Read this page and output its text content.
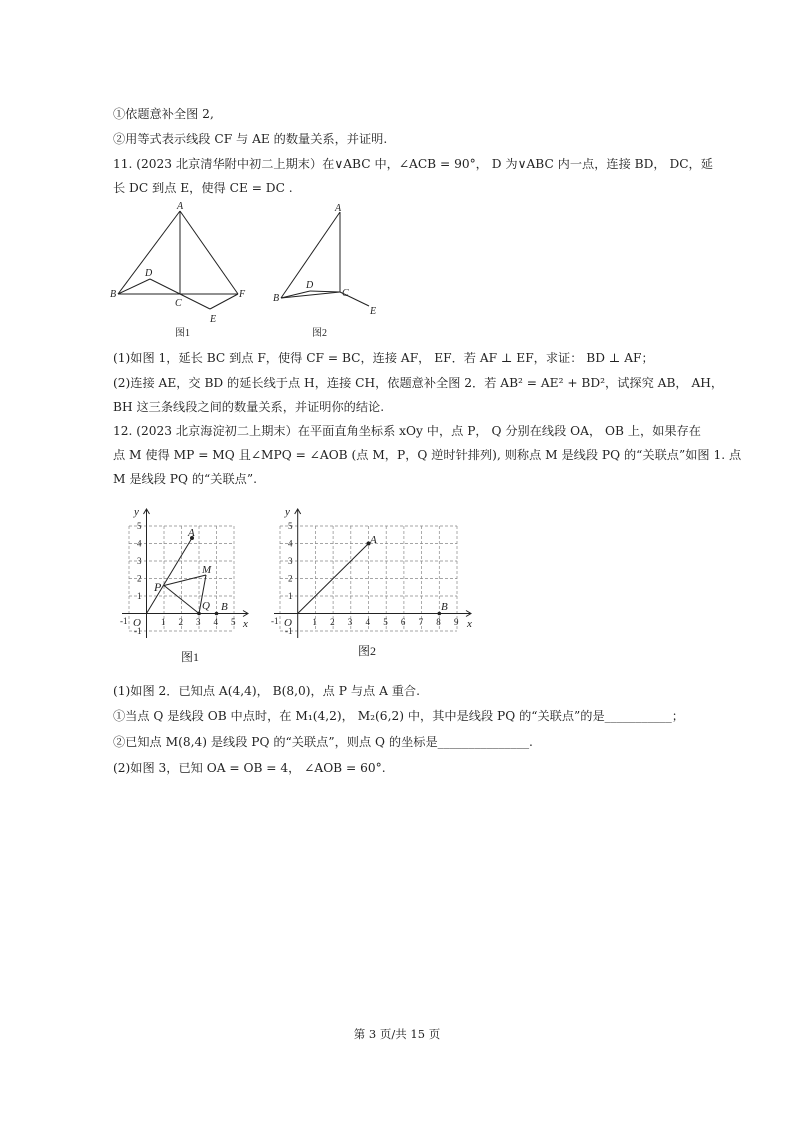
①依题意补全图 2,
②用等式表示线段 CF 与 AE 的数量关系，并证明.
11. (2023 北京清华附中初二上期末）在∨ABC 中，∠ACB = 90°， D 为∨ABC 内一点，连接 BD， DC，延
长 DC 到点 E，使得 CE = DC .
A
B
C
D
E
F
图1
A
B	C
D
E
图2
(1)如图 1，延长 BC 到点 F，使得 CF = BC，连接 AF， EF．若 AF ⊥ EF，求证： BD ⊥ AF；
(2)连接 AE，交 BD 的延长线于点 H，连接 CH，依题意补全图 2．若 AB² = AE² + BD²，试探究 AB， AH，
BH 这三条线段之间的数量关系，并证明你的结论.
12. (2023 北京海淀初二上期末）在平面直角坐标系 xOy 中，点 P， Q 分别在线段 OA， OB 上，如果存在
点 M 使得 MP = MQ 且∠MPQ = ∠AOB (点 M，P，Q 逆时针排列), 则称点 M 是线段 PQ 的“关联点”如图 1. 点
M 是线段 PQ 的“关联点”.
-1 O 1 2 3 4 5
5
4
3
2
1
-1
x
y
A
P
M
Q B
图1
-1 O 1 2 3 4 5 6 7 8 9
5
4
3
2
1
-1
x
y
A
B
图2
(1)如图 2．已知点 A(4,4)， B(8,0)，点 P 与点 A 重合.
①当点 Q 是线段 OB 中点时，在 M₁(4,2)， M₂(6,2) 中，其中是线段 PQ 的“关联点”的是___________；
②已知点 M(8,4) 是线段 PQ 的“关联点”，则点 Q 的坐标是_______________.
(2)如图 3，已知 OA = OB = 4， ∠AOB = 60°.
第 3 页/共 15 页
